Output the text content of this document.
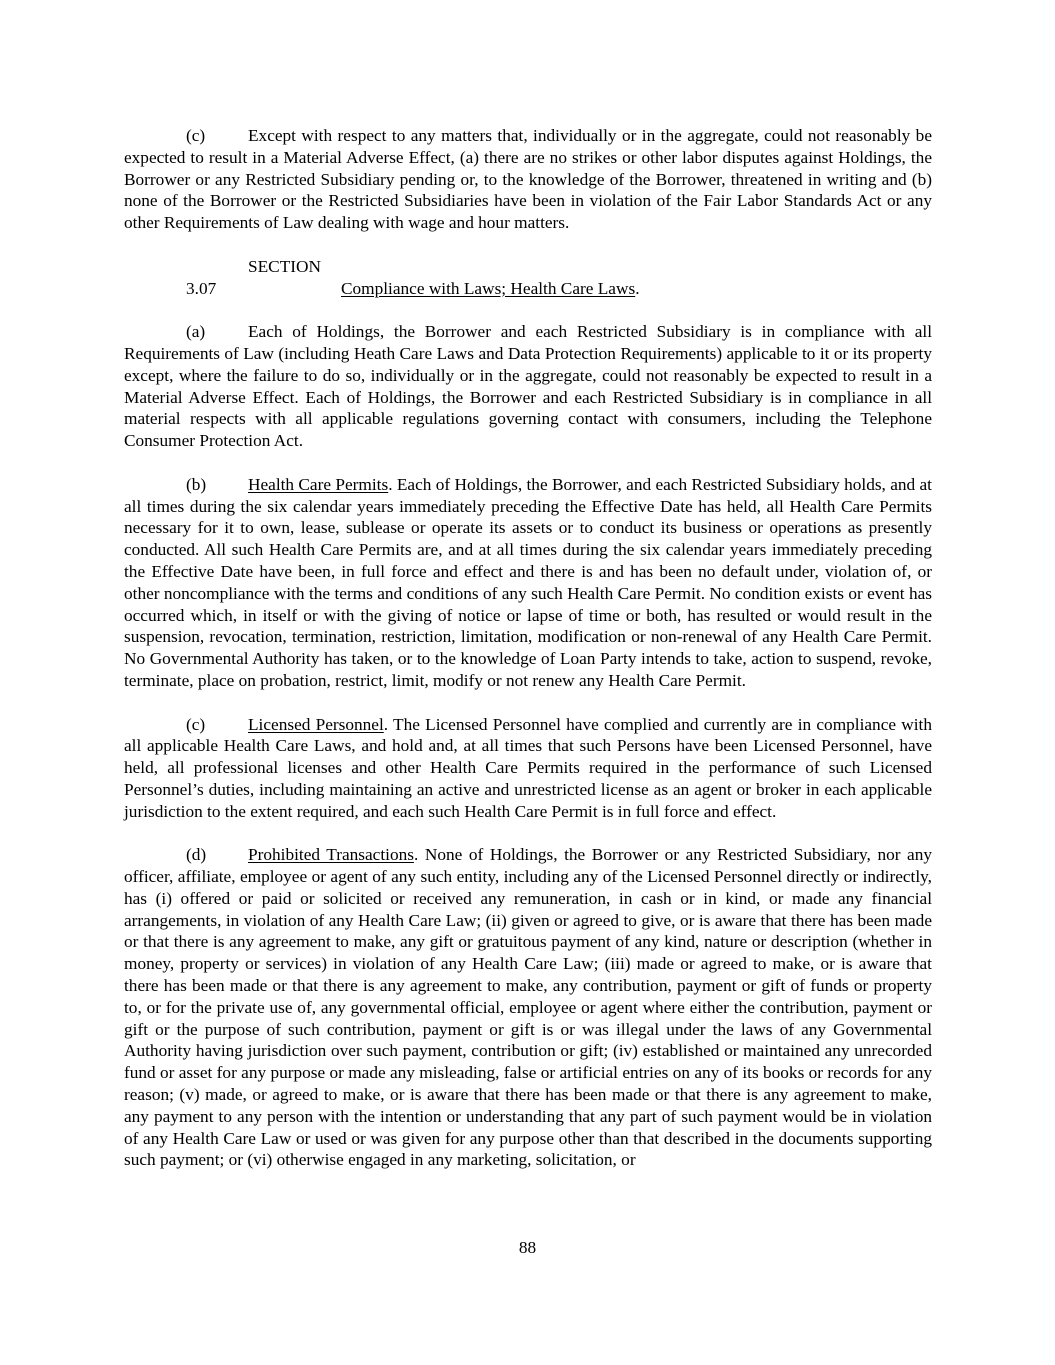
(c) Except with respect to any matters that, individually or in the aggregate, could not reasonably be expected to result in a Material Adverse Effect, (a) there are no strikes or other labor disputes against Holdings, the Borrower or any Restricted Subsidiary pending or, to the knowledge of the Borrower, threatened in writing and (b) none of the Borrower or the Restricted Subsidiaries have been in violation of the Fair Labor Standards Act or any other Requirements of Law dealing with wage and hour matters.

SECTION 3.07	Compliance with Laws; Health Care Laws.

(a) Each of Holdings, the Borrower and each Restricted Subsidiary is in compliance with all Requirements of Law (including Heath Care Laws and Data Protection Requirements) applicable to it or its property except, where the failure to do so, individually or in the aggregate, could not reasonably be expected to result in a Material Adverse Effect. Each of Holdings, the Borrower and each Restricted Subsidiary is in compliance in all material respects with all applicable regulations governing contact with consumers, including the Telephone Consumer Protection Act.

(b) Health Care Permits. Each of Holdings, the Borrower, and each Restricted Subsidiary holds, and at all times during the six calendar years immediately preceding the Effective Date has held, all Health Care Permits necessary for it to own, lease, sublease or operate its assets or to conduct its business or operations as presently conducted. All such Health Care Permits are, and at all times during the six calendar years immediately preceding the Effective Date have been, in full force and effect and there is and has been no default under, violation of, or other noncompliance with the terms and conditions of any such Health Care Permit. No condition exists or event has occurred which, in itself or with the giving of notice or lapse of time or both, has resulted or would result in the suspension, revocation, termination, restriction, limitation, modification or non-renewal of any Health Care Permit. No Governmental Authority has taken, or to the knowledge of Loan Party intends to take, action to suspend, revoke, terminate, place on probation, restrict, limit, modify or not renew any Health Care Permit.

(c) Licensed Personnel. The Licensed Personnel have complied and currently are in compliance with all applicable Health Care Laws, and hold and, at all times that such Persons have been Licensed Personnel, have held, all professional licenses and other Health Care Permits required in the performance of such Licensed Personnel’s duties, including maintaining an active and unrestricted license as an agent or broker in each applicable jurisdiction to the extent required, and each such Health Care Permit is in full force and effect.

(d) Prohibited Transactions. None of Holdings, the Borrower or any Restricted Subsidiary, nor any officer, affiliate, employee or agent of any such entity, including any of the Licensed Personnel directly or indirectly, has (i) offered or paid or solicited or received any remuneration, in cash or in kind, or made any financial arrangements, in violation of any Health Care Law; (ii) given or agreed to give, or is aware that there has been made or that there is any agreement to make, any gift or gratuitous payment of any kind, nature or description (whether in money, property or services) in violation of any Health Care Law; (iii) made or agreed to make, or is aware that there has been made or that there is any agreement to make, any contribution, payment or gift of funds or property to, or for the private use of, any governmental official, employee or agent where either the contribution, payment or gift or the purpose of such contribution, payment or gift is or was illegal under the laws of any Governmental Authority having jurisdiction over such payment, contribution or gift; (iv) established or maintained any unrecorded fund or asset for any purpose or made any misleading, false or artificial entries on any of its books or records for any reason; (v) made, or agreed to make, or is aware that there has been made or that there is any agreement to make, any payment to any person with the intention or understanding that any part of such payment would be in violation of any Health Care Law or used or was given for any purpose other than that described in the documents supporting such payment; or (vi) otherwise engaged in any marketing, solicitation, or

88
